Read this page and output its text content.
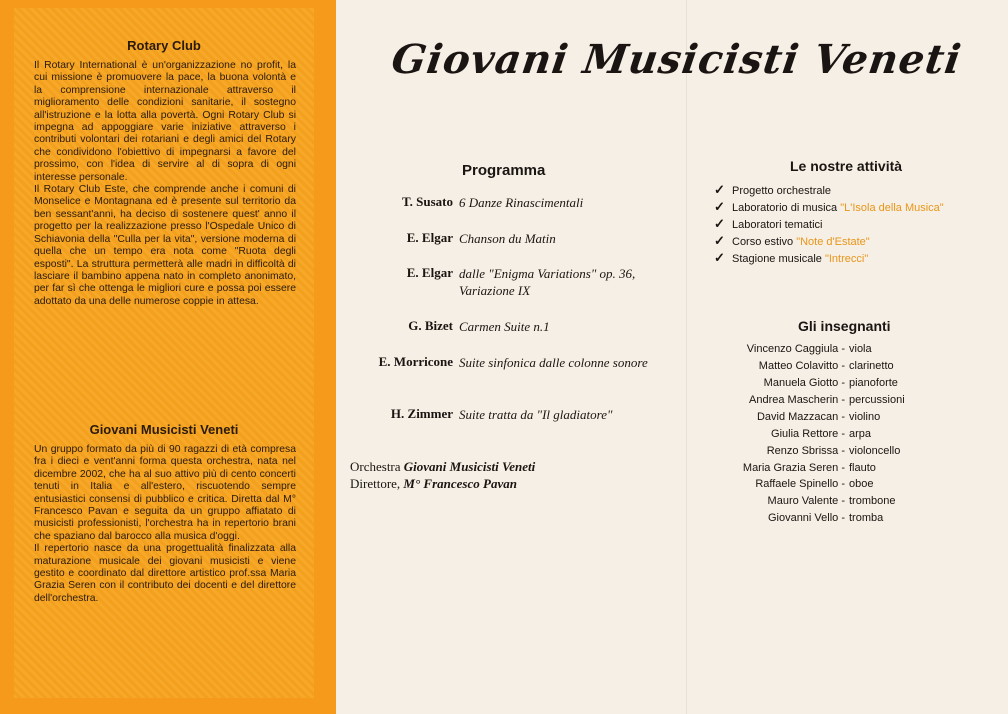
Rotary Club

Il Rotary International è un'organizzazione no profit, la cui missione è promuovere la pace, la buona volontà e la comprensione internazionale attraverso il miglioramento delle condizioni sanitarie, il sostegno all'istruzione e la lotta alla povertà. Ogni Rotary Club si impegna ad appoggiare varie iniziative attraverso i contributi volontari dei rotariani e degli amici del Rotary che condividono l'obiettivo di impegnarsi a favore del prossimo, con l'idea di servire al di sopra di ogni interesse personale.

Il Rotary Club Este, che comprende anche i comuni di Monselice e Montagnana ed è presente sul territorio da ben sessant'anni, ha deciso di sostenere quest' anno il progetto per la realizzazione presso l'Ospedale Unico di Schiavonia della "Culla per la vita", versione moderna di quella che un tempo era nota come "Ruota degli esposti". La struttura permetterà alle madri in difficoltà di lasciare il bambino appena nato in completo anonimato, per far sì che ottenga le migliori cure e possa poi essere adottato da una delle numerose coppie in attesa.

Giovani Musicisti Veneti

Un gruppo formato da più di 90 ragazzi di età compresa fra i dieci e vent'anni forma questa orchestra, nata nel dicembre 2002, che ha al suo attivo più di cento concerti tenuti in Italia e all'estero, riscuotendo sempre entusiastici consensi di pubblico e critica. Diretta dal M° Francesco Pavan e seguita da un gruppo affiatato di musicisti professionisti, l'orchestra ha in repertorio brani che spaziano dal barocco alla musica d'oggi.

Il repertorio nasce da una progettualità finalizzata alla maturazione musicale dei giovani musicisti e viene gestito e coordinato dal direttore artistico prof.ssa Maria Grazia Seren con il contributo dei docenti e del direttore dell'orchestra.

Giovani Musicisti Veneti
Programma
T. Susato 6 Danze Rinascimentali
E. Elgar Chanson du Matin
E. Elgar dalle "Enigma Variations" op. 36, Variazione IX
G. Bizet Carmen Suite n.1
E. Morricone Suite sinfonica dalle colonne sonore
H. Zimmer Suite tratta da "Il gladiatore"
Orchestra Giovani Musicisti Veneti
Direttore, M° Francesco Pavan
Le nostre attività
✓ Progetto orchestrale
✓ Laboratorio di musica "L'Isola della Musica"
✓ Laboratori tematici
✓ Corso estivo "Note d'Estate"
✓ Stagione musicale "Intrecci"
Gli insegnanti
Vincenzo Caggiula - viola
Matteo Colavitto - clarinetto
Manuela Giotto - pianoforte
Andrea Mascherin - percussioni
David Mazzacan - violino
Giulia Rettore - arpa
Renzo Sbrissa - violoncello
Maria Grazia Seren - flauto
Raffaele Spinello - oboe
Mauro Valente - trombone
Giovanni Vello - tromba
